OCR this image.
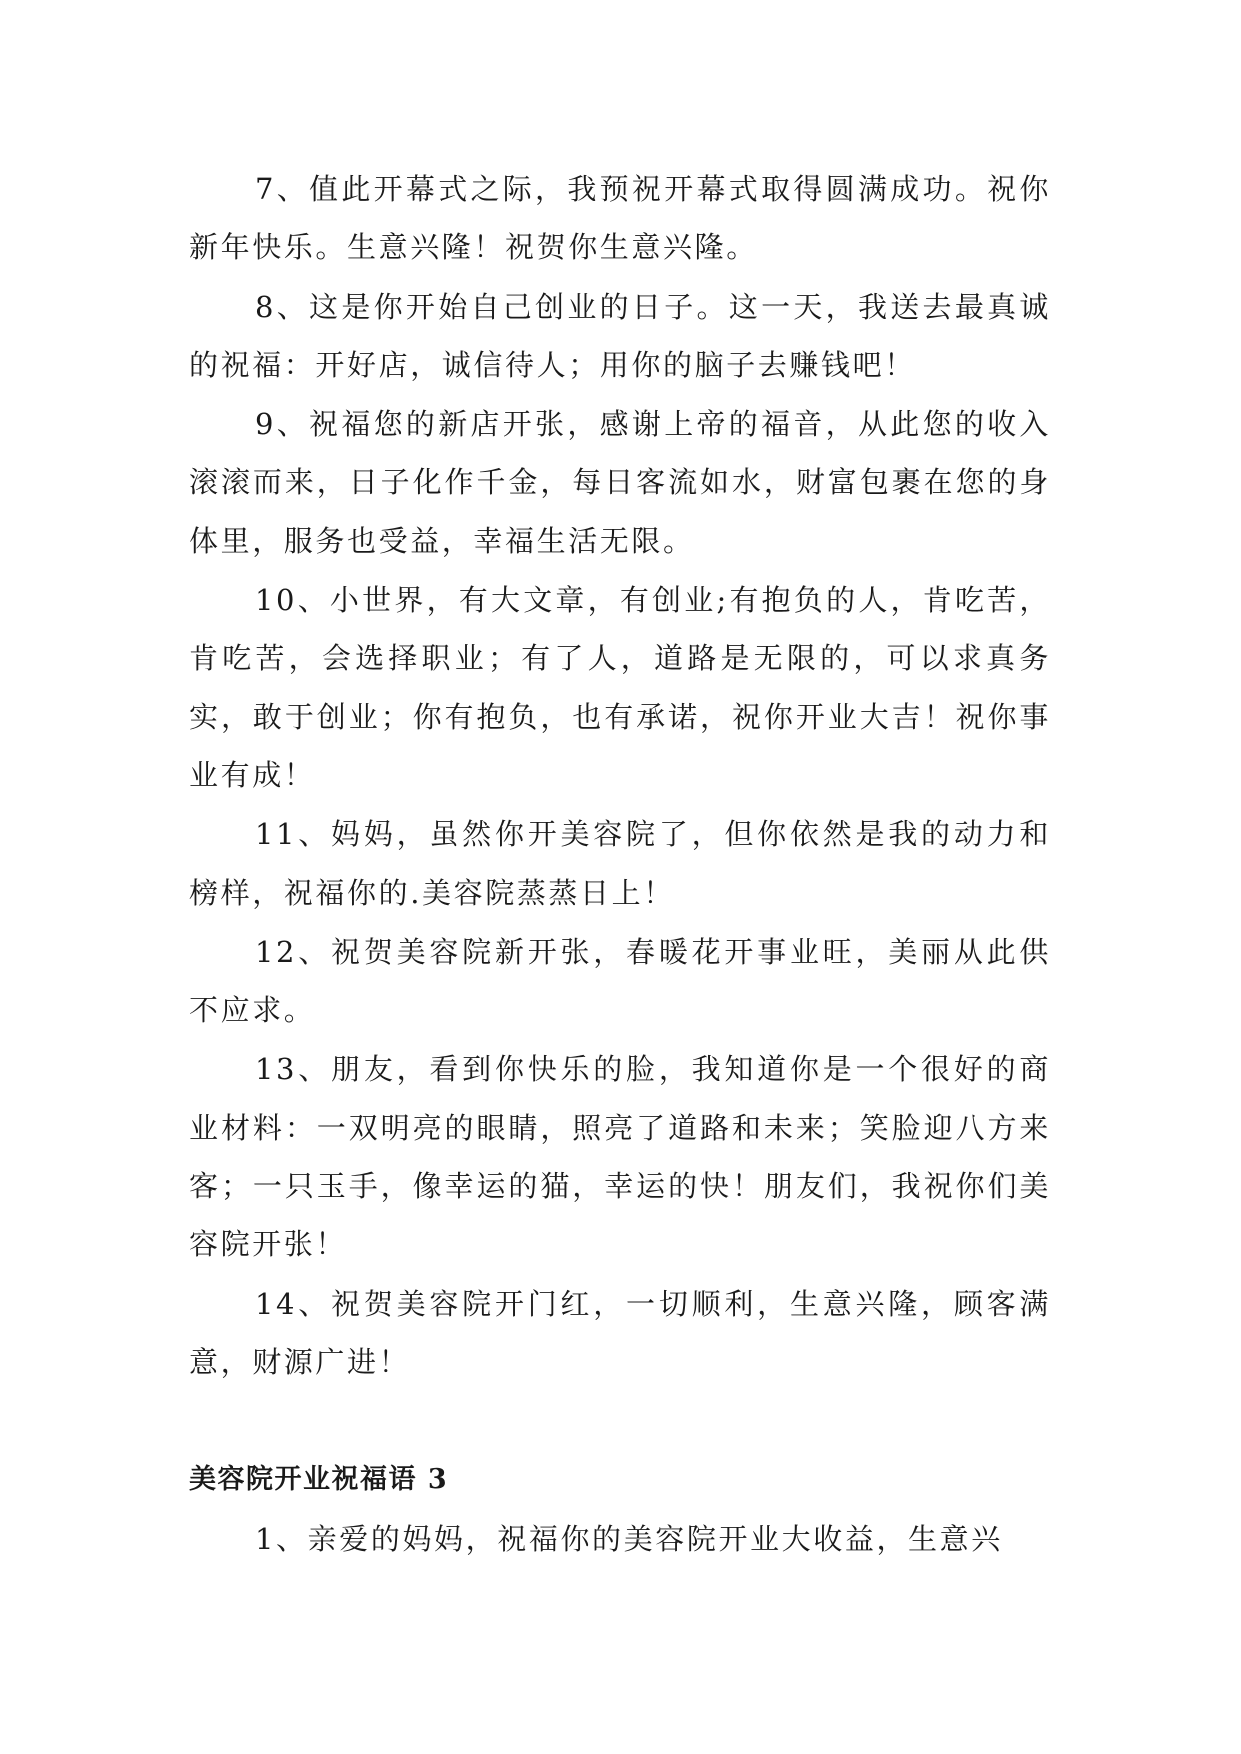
7、值此开幕式之际，我预祝开幕式取得圆满成功。祝你新年快乐。生意兴隆！祝贺你生意兴隆。

8、这是你开始自己创业的日子。这一天，我送去最真诚的祝福：开好店，诚信待人；用你的脑子去赚钱吧！

9、祝福您的新店开张，感谢上帝的福音，从此您的收入滚滚而来，日子化作千金，每日客流如水，财富包裹在您的身体里，服务也受益，幸福生活无限。

10、小世界，有大文章，有创业;有抱负的人，肯吃苦，肯吃苦，会选择职业；有了人，道路是无限的，可以求真务实，敢于创业；你有抱负，也有承诺，祝你开业大吉！祝你事业有成！

11、妈妈，虽然你开美容院了，但你依然是我的动力和榜样，祝福你的.美容院蒸蒸日上！

12、祝贺美容院新开张，春暖花开事业旺，美丽从此供不应求。

13、朋友，看到你快乐的脸，我知道你是一个很好的商业材料：一双明亮的眼睛，照亮了道路和未来；笑脸迎八方来客；一只玉手，像幸运的猫，幸运的快！朋友们，我祝你们美容院开张！

14、祝贺美容院开门红，一切顺利，生意兴隆，顾客满意，财源广进！

美容院开业祝福语 3

1、亲爱的妈妈，祝福你的美容院开业大收益，生意兴
